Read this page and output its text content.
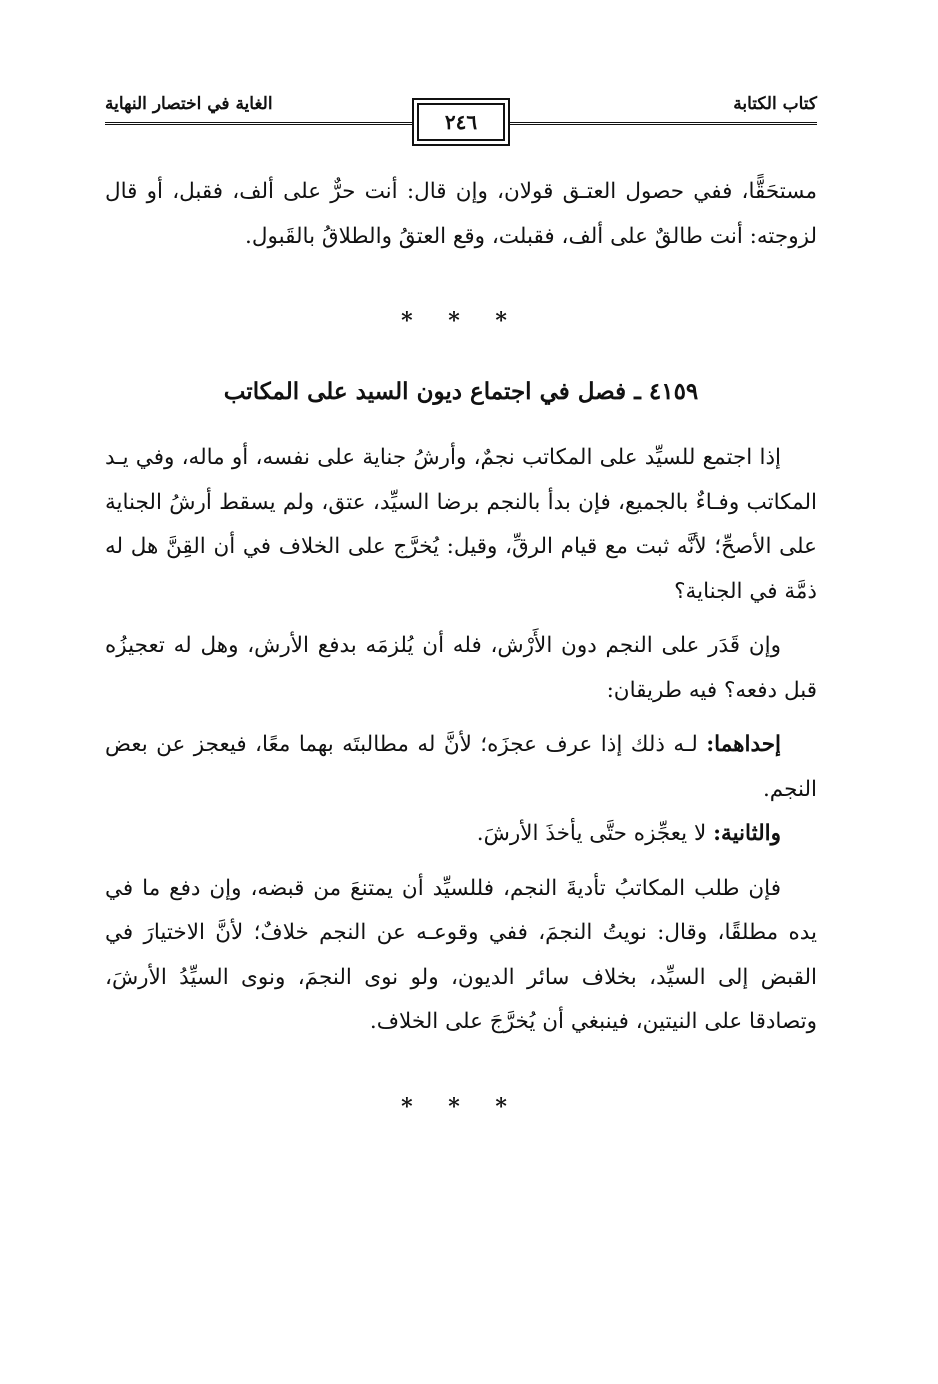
كتاب الكتابة
الغاية في اختصار النهاية
٢٤٦

مستحَقًّا، ففي حصول العتـق قولان، وإن قال: أنت حرٌّ على ألف، فقبل، أو قال لزوجته: أنت طالقٌ على ألف، فقبلت، وقع العتقُ والطلاقُ بالقَبول.

* * *
٤١٥٩ ـ فصل في اجتماع ديون السيد على المكاتب

إذا اجتمع للسيِّد على المكاتب نجمٌ، وأرشُ جناية على نفسه، أو ماله، وفي يـد المكاتب وفـاءٌ بالجميع، فإن بدأ بالنجم برضا السيِّد، عتق، ولم يسقط أرشُ الجناية على الأصحِّ؛ لأنَّه ثبت مع قيام الرقِّ، وقيل: يُخرَّج على الخلاف في أن القِنَّ هل له ذمَّة في الجناية؟

وإن قَدَر على النجم دون الأَرْش، فله أن يُلزمَه بدفع الأرش، وهل له تعجيزُه قبل دفعه؟ فيه طريقان:

إحداهما: لـه ذلك إذا عرف عجزَه؛ لأنَّ له مطالبتَه بهما معًا، فيعجز عن بعض النجم.

والثانية: لا يعجِّزه حتَّى يأخذَ الأرشَ.

فإن طلب المكاتبُ تأديةَ النجم، فللسيِّد أن يمتنعَ من قبضه، وإن دفع ما في يده مطلقًا، وقال: نويتُ النجمَ، ففي وقوعـه عن النجم خلافٌ؛ لأنَّ الاختيارَ في القبض إلى السيِّد، بخلاف سائر الديون، ولو نوى النجمَ، ونوى السيِّدُ الأرشَ، وتصادقا على النيتين، فينبغي أن يُخرَّجَ على الخلاف.

* * *
